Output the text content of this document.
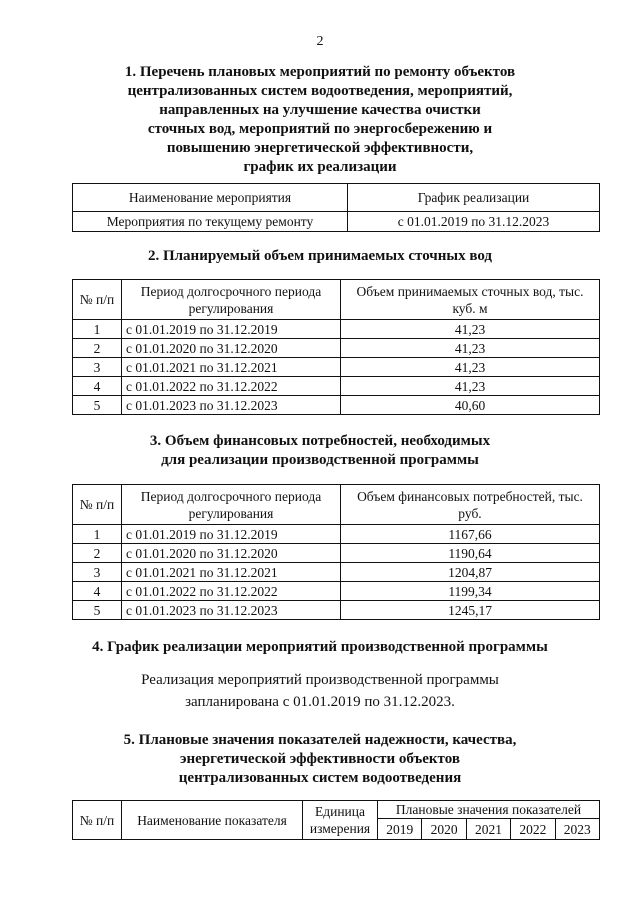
2
1. Перечень плановых мероприятий по ремонту объектов
централизованных систем водоотведения, мероприятий,
направленных на улучшение качества очистки
сточных вод, мероприятий по энергосбережению и
повышению энергетической эффективности,
график их реализации
Наименование мероприятия	График реализации
Мероприятия по текущему ремонту	с 01.01.2019 по 31.12.2023
2. Планируемый объем принимаемых сточных вод
№ п/п	Период долгосрочного периода регулирования	Объем принимаемых сточных вод, тыс. куб. м
1	с 01.01.2019 по 31.12.2019	41,23
2	с 01.01.2020 по 31.12.2020	41,23
3	с 01.01.2021 по 31.12.2021	41,23
4	с 01.01.2022 по 31.12.2022	41,23
5	с 01.01.2023 по 31.12.2023	40,60
3. Объем финансовых потребностей, необходимых
для реализации производственной программы
№ п/п	Период долгосрочного периода регулирования	Объем финансовых потребностей, тыс. руб.
1	с 01.01.2019 по 31.12.2019	1167,66
2	с 01.01.2020 по 31.12.2020	1190,64
3	с 01.01.2021 по 31.12.2021	1204,87
4	с 01.01.2022 по 31.12.2022	1199,34
5	с 01.01.2023 по 31.12.2023	1245,17
4. График реализации мероприятий производственной программы
Реализация мероприятий производственной программы
запланирована с 01.01.2019 по 31.12.2023.
5. Плановые значения показателей надежности, качества,
энергетической эффективности объектов
централизованных систем водоотведения
№ п/п	Наименование показателя	Единица измерения	Плановые значения показателей				
			2019	2020	2021	2022	2023
